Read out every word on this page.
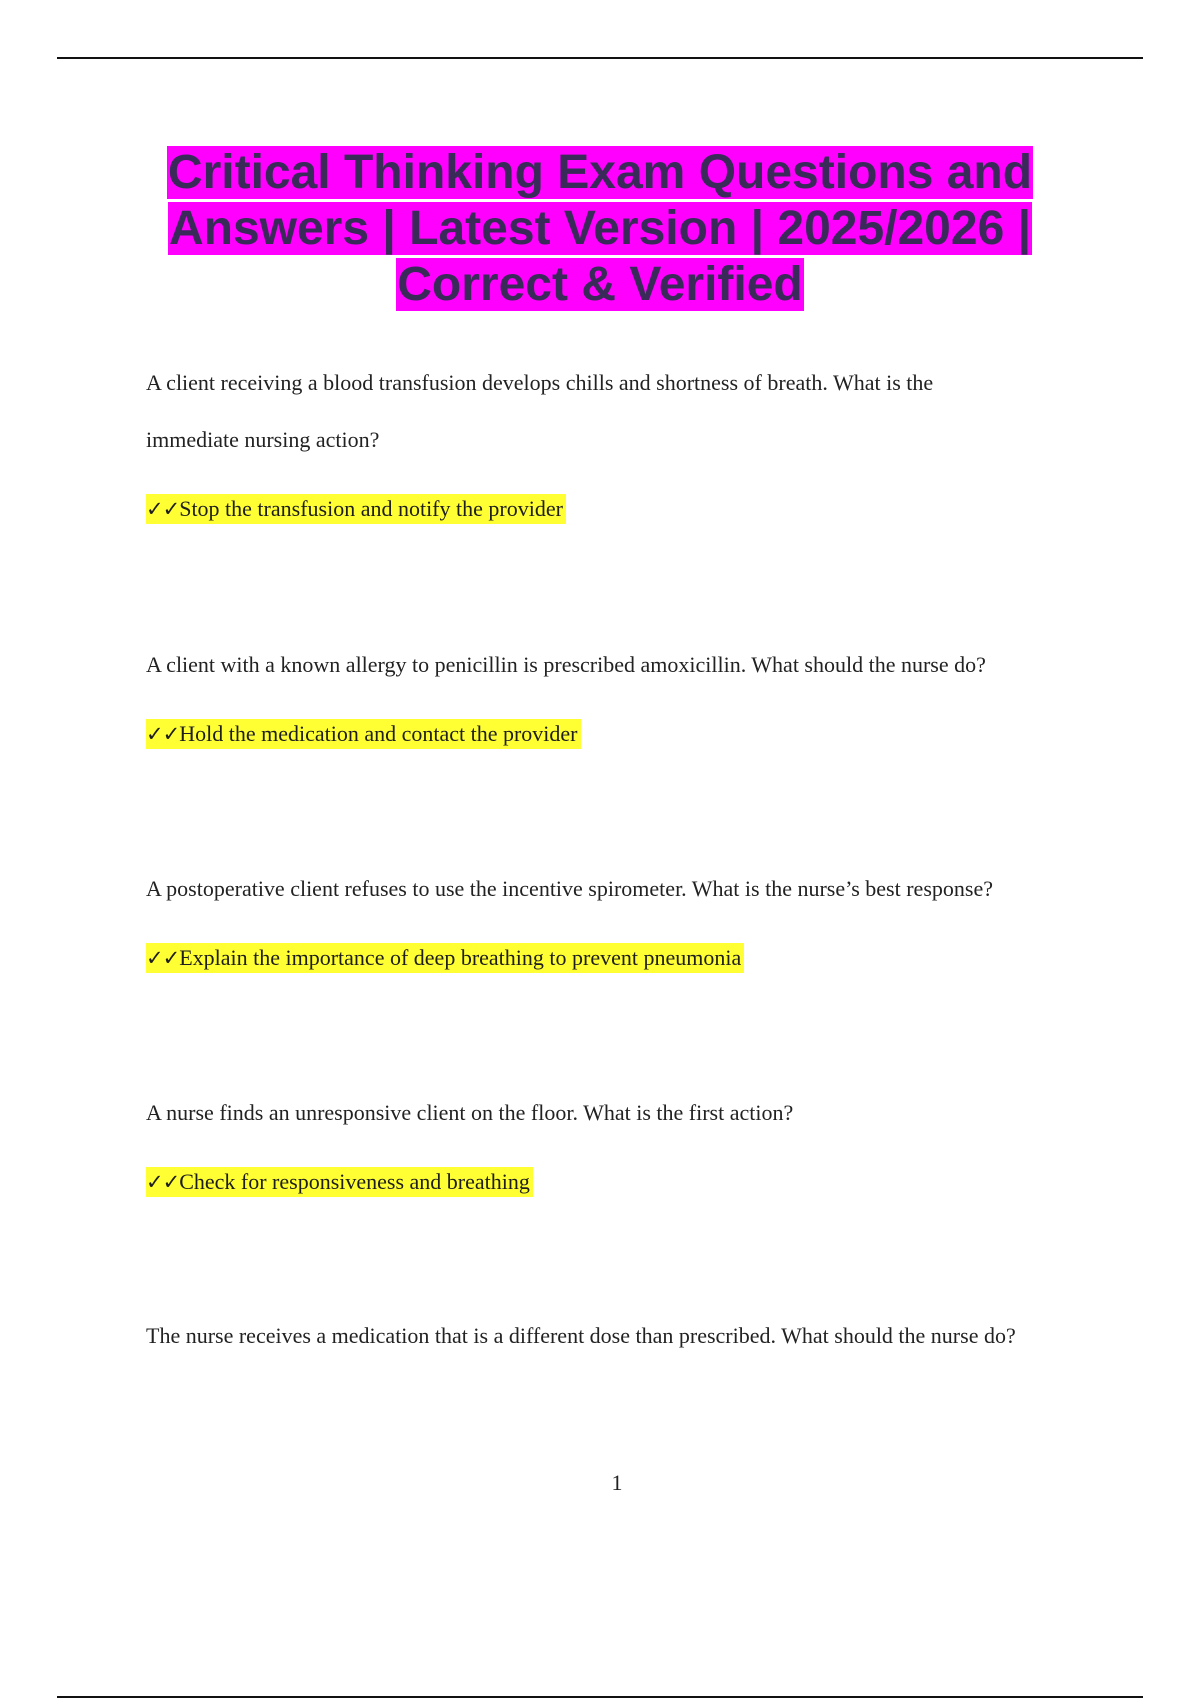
Critical Thinking Exam Questions and Answers | Latest Version | 2025/2026 | Correct & Verified

A client receiving a blood transfusion develops chills and shortness of breath. What is the immediate nursing action?

✓✓Stop the transfusion and notify the provider

A client with a known allergy to penicillin is prescribed amoxicillin. What should the nurse do?

✓✓Hold the medication and contact the provider

A postoperative client refuses to use the incentive spirometer. What is the nurse’s best response?

✓✓Explain the importance of deep breathing to prevent pneumonia

A nurse finds an unresponsive client on the floor. What is the first action?

✓✓Check for responsiveness and breathing

The nurse receives a medication that is a different dose than prescribed. What should the nurse do?

1
